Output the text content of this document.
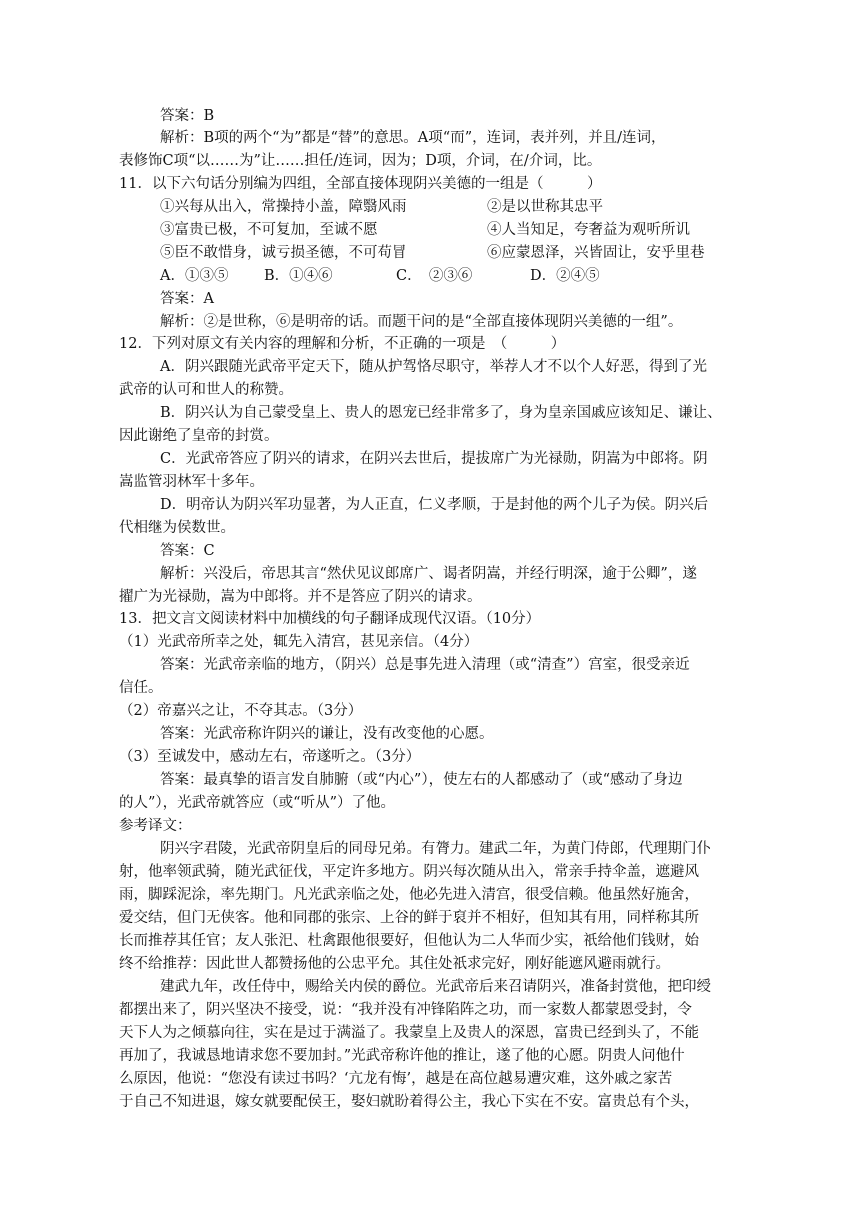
答案：B
解析：B项的两个“为”都是“替”的意思。A项“而”，连词，表并列，并且/连词，
表修饰C项“以……为”让……担任/连词，因为；D项，介词，在/介词，比。
11．以下六句话分别编为四组，全部直接体现阴兴美德的一组是（　　　）
①兴每从出入，常操持小盖，障翳风雨	②是以世称其忠平
③富贵已极，不可复加，至诚不愿	④人当知足，夸奢益为观听所讥
⑤臣不敢惜身，诚亏损圣德，不可苟冒	⑥应蒙恩泽，兴皆固让，安乎里巷
A．①③⑤ B．①④⑥	C．　②③⑥	D．②④⑤
答案：A
解析：②是世称，⑥是明帝的话。而题干问的是“全部直接体现阴兴美德的一组”。
12．下列对原文有关内容的理解和分析，不正确的一项是　（　　　）
A．阴兴跟随光武帝平定天下，随从护驾恪尽职守，举荐人才不以个人好恶，得到了光
武帝的认可和世人的称赞。
B．阴兴认为自己蒙受皇上、贵人的恩宠已经非常多了，身为皇亲国戚应该知足、谦让、
因此谢绝了皇帝的封赏。
C．光武帝答应了阴兴的请求，在阴兴去世后，提拔席广为光禄勋，阴嵩为中郎将。阴
嵩监管羽林军十多年。
D．明帝认为阴兴军功显著，为人正直，仁义孝顺，于是封他的两个儿子为侯。阴兴后
代相继为侯数世。
答案：C
解析：兴没后，帝思其言“然伏见议郎席广、谒者阴嵩，并经行明深，逾于公卿”，遂
擢广为光禄勋，嵩为中郎将。并不是答应了阴兴的请求。
13．把文言文阅读材料中加横线的句子翻译成现代汉语。（10分）
（1）光武帝所幸之处，辄先入清宫，甚见亲信。（4分）
答案：光武帝亲临的地方，（阴兴）总是事先进入清理（或“清查”）宫室，很受亲近
信任。
（2）帝嘉兴之让，不夺其志。（3分）
答案：光武帝称许阴兴的谦让，没有改变他的心愿。
（3）至诚发中，感动左右，帝遂听之。（3分）
答案：最真挚的语言发自肺腑（或“内心”），使左右的人都感动了（或“感动了身边
的人”），光武帝就答应（或“听从”）了他。
参考译文：
阴兴字君陵，光武帝阴皇后的同母兄弟。有膂力。建武二年，为黄门侍郎，代理期门仆
射，他率领武骑，随光武征伐，平定许多地方。阴兴每次随从出入，常亲手持伞盖，遮避风
雨，脚踩泥涂，率先期门。凡光武亲临之处，他必先进入清宫，很受信赖。他虽然好施舍，
爱交结，但门无侠客。他和同郡的张宗、上谷的鲜于裒并不相好，但知其有用，同样称其所
长而推荐其任官；友人张汜、杜禽跟他很要好，但他认为二人华而少实，祇给他们钱财，始
终不给推荐：因此世人都赞扬他的公忠平允。其住处祇求完好，刚好能遮风避雨就行。
建武九年，改任侍中，赐给关内侯的爵位。光武帝后来召请阴兴，准备封赏他，把印绶
都摆出来了，阴兴坚决不接受，说：“我并没有冲锋陷阵之功，而一家数人都蒙恩受封，令
天下人为之倾慕向往，实在是过于满溢了。我蒙皇上及贵人的深恩，富贵已经到头了，不能
再加了，我诚恳地请求您不要加封。”光武帝称许他的推让，遂了他的心愿。阴贵人问他什
么原因，他说：“您没有读过书吗？‘亢龙有悔’，越是在高位越易遭灾难，这外戚之家苦
于自己不知进退，嫁女就要配侯王，娶妇就盼着得公主，我心下实在不安。富贵总有个头，
